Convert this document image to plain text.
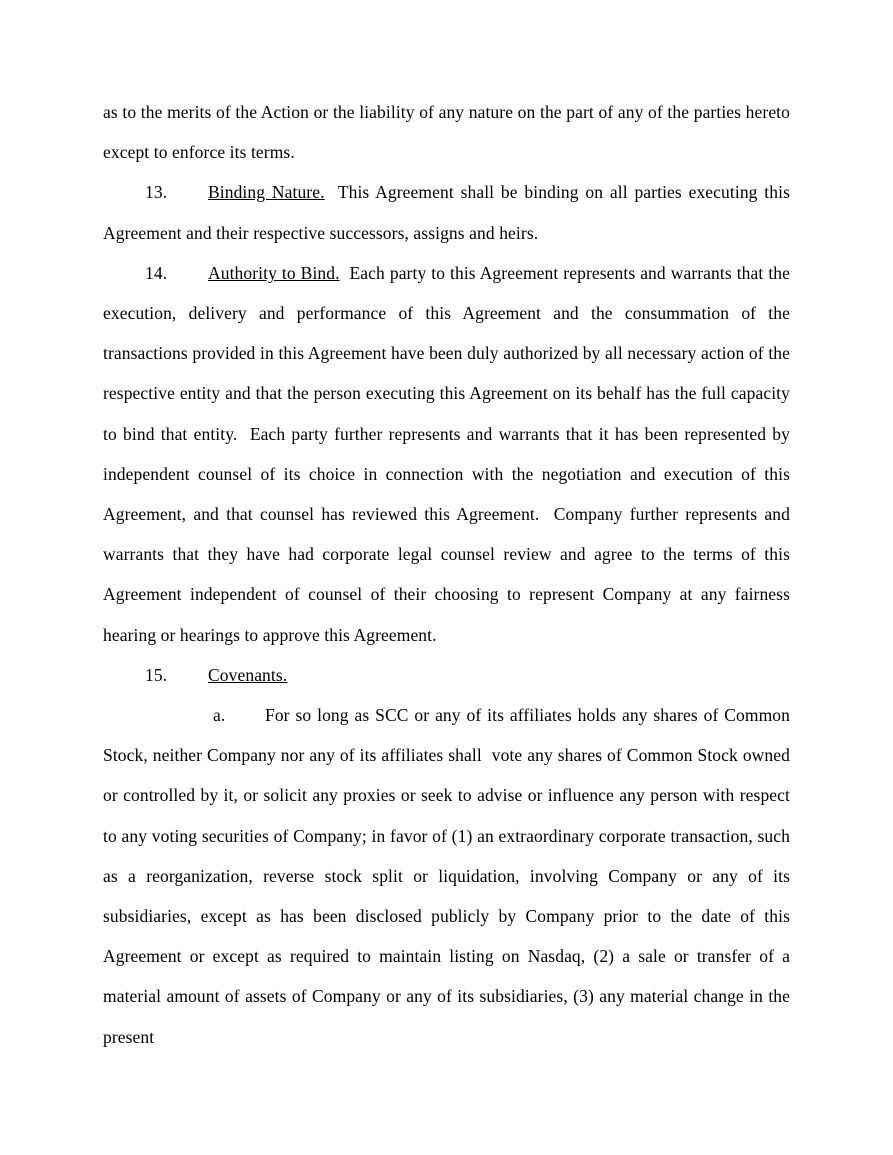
as to the merits of the Action or the liability of any nature on the part of any of the parties hereto except to enforce its terms.

13. Binding Nature.  This Agreement shall be binding on all parties executing this Agreement and their respective successors, assigns and heirs.

14. Authority to Bind.  Each party to this Agreement represents and warrants that the execution, delivery and performance of this Agreement and the consummation of the transactions provided in this Agreement have been duly authorized by all necessary action of the respective entity and that the person executing this Agreement on its behalf has the full capacity to bind that entity.  Each party further represents and warrants that it has been represented by independent counsel of its choice in connection with the negotiation and execution of this Agreement, and that counsel has reviewed this Agreement.  Company further represents and warrants that they have had corporate legal counsel review and agree to the terms of this Agreement independent of counsel of their choosing to represent Company at any fairness hearing or hearings to approve this Agreement.

15. Covenants.

a. For so long as SCC or any of its affiliates holds any shares of Common Stock, neither Company nor any of its affiliates shall  vote any shares of Common Stock owned or controlled by it, or solicit any proxies or seek to advise or influence any person with respect to any voting securities of Company; in favor of (1) an extraordinary corporate transaction, such as a reorganization, reverse stock split or liquidation, involving Company or any of its subsidiaries, except as has been disclosed publicly by Company prior to the date of this Agreement or except as required to maintain listing on Nasdaq, (2) a sale or transfer of a material amount of assets of Company or any of its subsidiaries, (3) any material change in the present
